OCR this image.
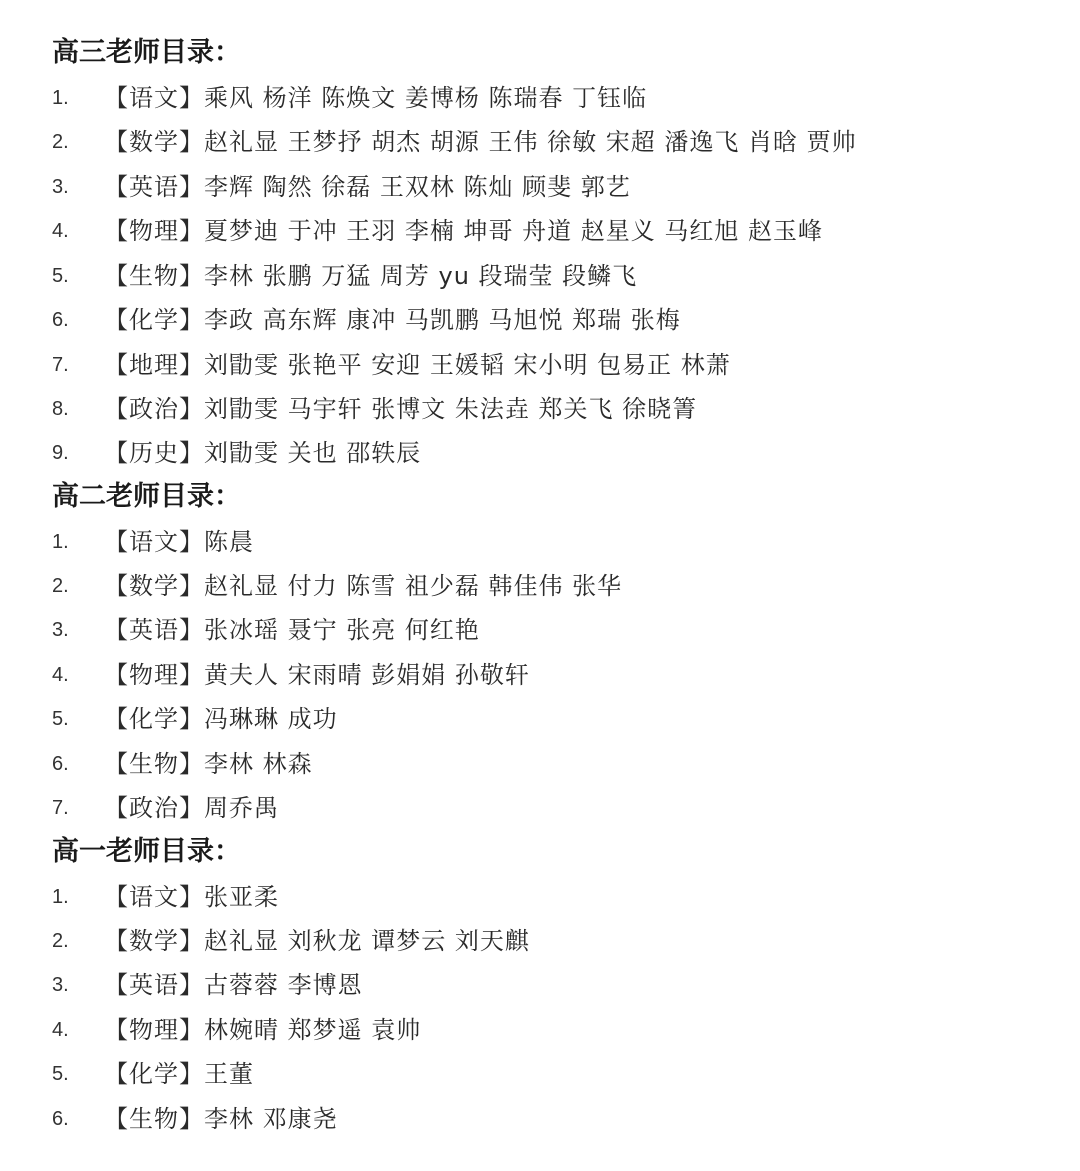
高三老师目录：
1. 【语文】乘风 杨洋 陈焕文 姜博杨 陈瑞春 丁钰临
2. 【数学】赵礼显 王梦抒 胡杰 胡源 王伟 徐敏 宋超 潘逸飞 肖晗 贾帅
3. 【英语】李辉 陶然 徐磊 王双林 陈灿 顾斐 郭艺
4. 【物理】夏梦迪 于冲 王羽 李楠 坤哥 舟道 赵星义 马红旭 赵玉峰
5. 【生物】李林 张鹏 万猛 周芳 yu 段瑞莹 段鳞飞
6. 【化学】李政 高东辉 康冲 马凯鹏 马旭悦 郑瑞 张梅
7. 【地理】刘勖雯 张艳平 安迎 王媛韬 宋小明 包易正 林萧
8. 【政治】刘勖雯 马宇轩 张博文 朱法垚 郑关飞 徐晓箐
9. 【历史】刘勖雯 关也 邵轶辰
高二老师目录：
1. 【语文】陈晨
2. 【数学】赵礼显 付力 陈雪 祖少磊 韩佳伟 张华
3. 【英语】张冰瑶 聂宁 张亮 何红艳
4. 【物理】黄夫人 宋雨晴 彭娟娟 孙敬轩
5. 【化学】冯琳琳 成功
6. 【生物】李林 林森
7. 【政治】周乔禺
高一老师目录：
1. 【语文】张亚柔
2. 【数学】赵礼显 刘秋龙 谭梦云 刘天麒
3. 【英语】古蓉蓉 李博恩
4. 【物理】林婉晴 郑梦遥 袁帅
5. 【化学】王董
6. 【生物】李林 邓康尧
